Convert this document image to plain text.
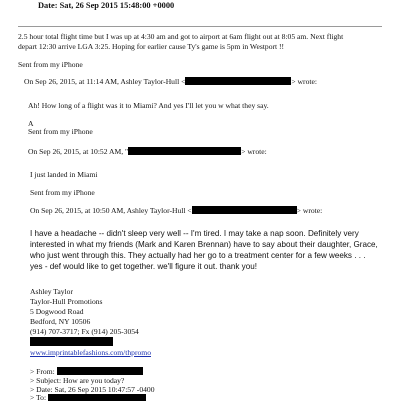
Date: Sat, 26 Sep 2015 15:48:00 +0000
2.5 hour total flight time but I was up at 4:30 am and got to airport at 6am flight out at 8:05 am. Next flight
depart 12:30 arrive LGA 3:25. Hoping for earlier cause Ty's game is 5pm in Westport !!
Sent from my iPhone
On Sep 26, 2015, at 11:14 AM, Ashley Taylor-Hull <	> wrote:
Ah! How long of a flight was it to Miami? And yes I'll let you w what they say.
A
Sent from my iPhone
On Sep 26, 2015, at 10:52 AM, "	> wrote:
I just landed in Miami
Sent from my iPhone
On Sep 26, 2015, at 10:50 AM, Ashley Taylor-Hull <	> wrote:
I have a headache -- didn't sleep very well -- I'm tired. I may take a nap soon. Definitely very
interested in what my friends (Mark and Karen Brennan) have to say about their daughter, Grace,
who just went through this. They actually had her go to a treatment center for a few weeks . . .
yes - def would like to get together. we'll figure it out. thank you!
Ashley Taylor
Taylor-Hull Promotions
5 Dogwood Road
Bedford, NY 10506
(914) 707-3717; Fx (914) 205-3054
www.imprintablefashions.com/thpromo
> From:
> Subject: How are you today?
> Date: Sat, 26 Sep 2015 10:47:57 -0400
> To:
